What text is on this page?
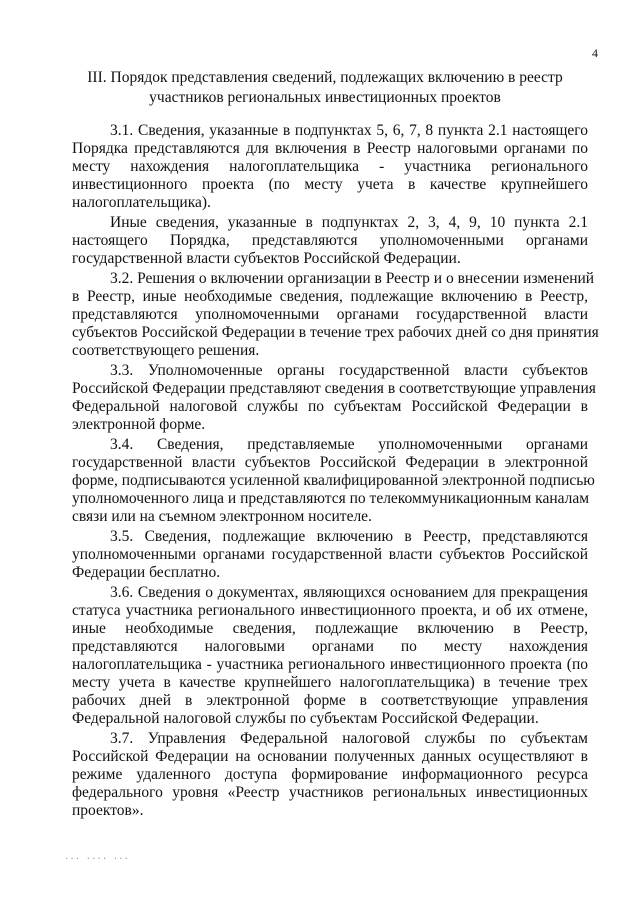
4
III. Порядок представления сведений, подлежащих включению в реестр
участников региональных инвестиционных проектов
3.1. Сведения, указанные в подпунктах 5, 6, 7, 8 пункта 2.1 настоящего
Порядка представляются для включения в Реестр налоговыми органами по
месту нахождения налогоплательщика - участника регионального
инвестиционного проекта (по месту учета в качестве крупнейшего
налогоплательщика).
Иные сведения, указанные в подпунктах 2, 3, 4, 9, 10 пункта 2.1
настоящего Порядка, представляются уполномоченными органами
государственной власти субъектов Российской Федерации.
3.2. Решения о включении организации в Реестр и о внесении изменений
в Реестр, иные необходимые сведения, подлежащие включению в Реестр,
представляются уполномоченными органами государственной власти
субъектов Российской Федерации в течение трех рабочих дней со дня принятия
соответствующего решения.
3.3. Уполномоченные органы государственной власти субъектов
Российской Федерации представляют сведения в соответствующие управления
Федеральной налоговой службы по субъектам Российской Федерации в
электронной форме.
3.4. Сведения, представляемые уполномоченными органами
государственной власти субъектов Российской Федерации в электронной
форме, подписываются усиленной квалифицированной электронной подписью
уполномоченного лица и представляются по телекоммуникационным каналам
связи или на съемном электронном носителе.
3.5. Сведения, подлежащие включению в Реестр, представляются
уполномоченными органами государственной власти субъектов Российской
Федерации бесплатно.
3.6. Сведения о документах, являющихся основанием для прекращения
статуса участника регионального инвестиционного проекта, и об их отмене,
иные необходимые сведения, подлежащие включению в Реестр,
представляются налоговыми органами по месту нахождения
налогоплательщика - участника регионального инвестиционного проекта (по
месту учета в качестве крупнейшего налогоплательщика) в течение трех
рабочих дней в электронной форме в соответствующие управления
Федеральной налоговой службы по субъектам Российской Федерации.
3.7. Управления Федеральной налоговой службы по субъектам
Российской Федерации на основании полученных данных осуществляют в
режиме удаленного доступа формирование информационного ресурса
федерального уровня «Реестр участников региональных инвестиционных
проектов».
... .... ...
